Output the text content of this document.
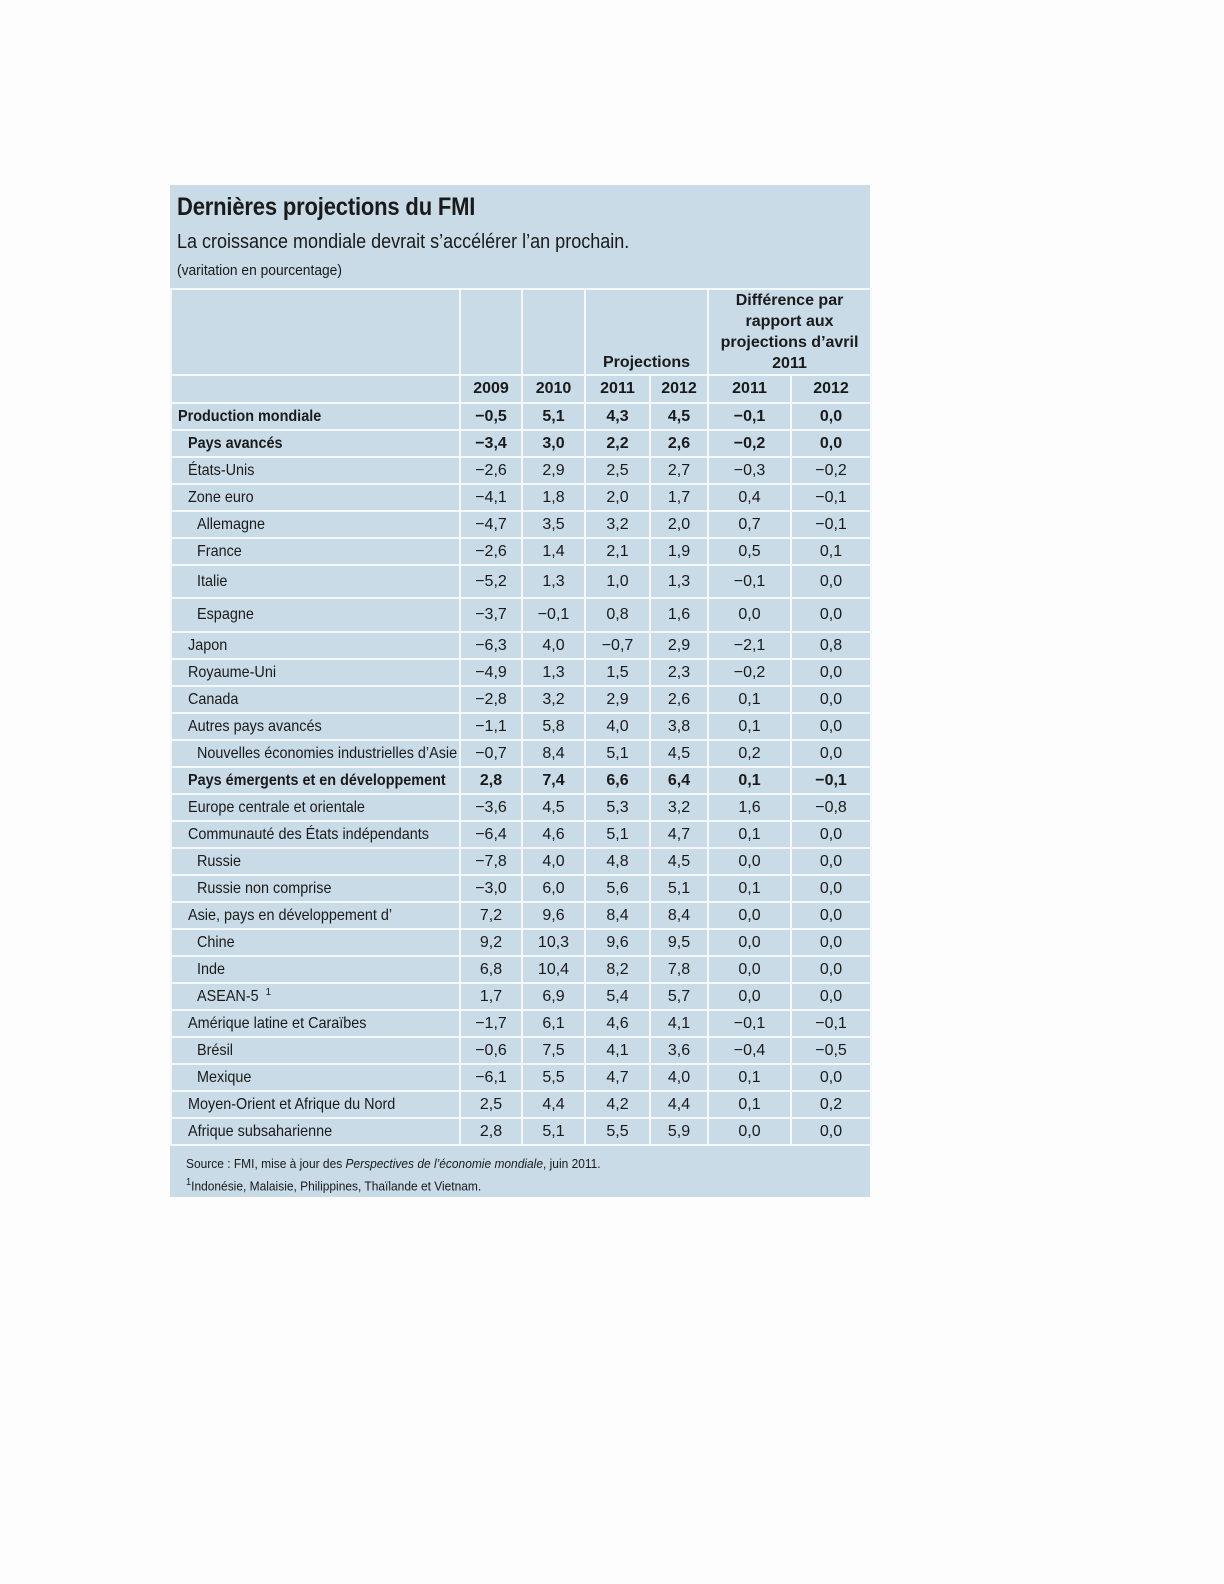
Dernières projections du FMI
La croissance mondiale devrait s’accélérer l’an prochain.
(varitation en pourcentage)

			Projections		Différence par rapport aux projections d’avril 2011	

	2009	2010	2011	2012	2011	2012
Production mondiale	−0,5	5,1	4,3	4,5	−0,1	0,0
Pays avancés	−3,4	3,0	2,2	2,6	−0,2	0,0
États-Unis	−2,6	2,9	2,5	2,7	−0,3	−0,2
Zone euro	−4,1	1,8	2,0	1,7	0,4	−0,1
Allemagne	−4,7	3,5	3,2	2,0	0,7	−0,1
France	−2,6	1,4	2,1	1,9	0,5	0,1
Italie	−5,2	1,3	1,0	1,3	−0,1	0,0
Espagne	−3,7	−0,1	0,8	1,6	0,0	0,0
Japon	−6,3	4,0	−0,7	2,9	−2,1	0,8
Royaume-Uni	−4,9	1,3	1,5	2,3	−0,2	0,0
Canada	−2,8	3,2	2,9	2,6	0,1	0,0
Autres pays avancés	−1,1	5,8	4,0	3,8	0,1	0,0
Nouvelles économies industrielles d’Asie	−0,7	8,4	5,1	4,5	0,2	0,0
Pays émergents et en développement	2,8	7,4	6,6	6,4	0,1	−0,1
Europe centrale et orientale	−3,6	4,5	5,3	3,2	1,6	−0,8
Communauté des États indépendants	−6,4	4,6	5,1	4,7	0,1	0,0
Russie	−7,8	4,0	4,8	4,5	0,0	0,0
Russie non comprise	−3,0	6,0	5,6	5,1	0,1	0,0
Asie, pays en développement d’	7,2	9,6	8,4	8,4	0,0	0,0
Chine	9,2	10,3	9,6	9,5	0,0	0,0
Inde	6,8	10,4	8,2	7,8	0,0	0,0
ASEAN-5 $^1$	1,7	6,9	5,4	5,7	0,0	0,0
Amérique latine et Caraïbes	−1,7	6,1	4,6	4,1	−0,1	−0,1
Brésil	−0,6	7,5	4,1	3,6	−0,4	−0,5
Mexique	−6,1	5,5	4,7	4,0	0,1	0,0
Moyen-Orient et Afrique du Nord	2,5	4,4	4,2	4,4	0,1	0,2
Afrique subsaharienne	2,8	5,1	5,5	5,9	0,0	0,0
Source : FMI, mise à jour des Perspectives de l’économie mondiale, juin 2011.
$^1$Indonésie, Malaisie, Philippines, Thaïlande et Vietnam.
